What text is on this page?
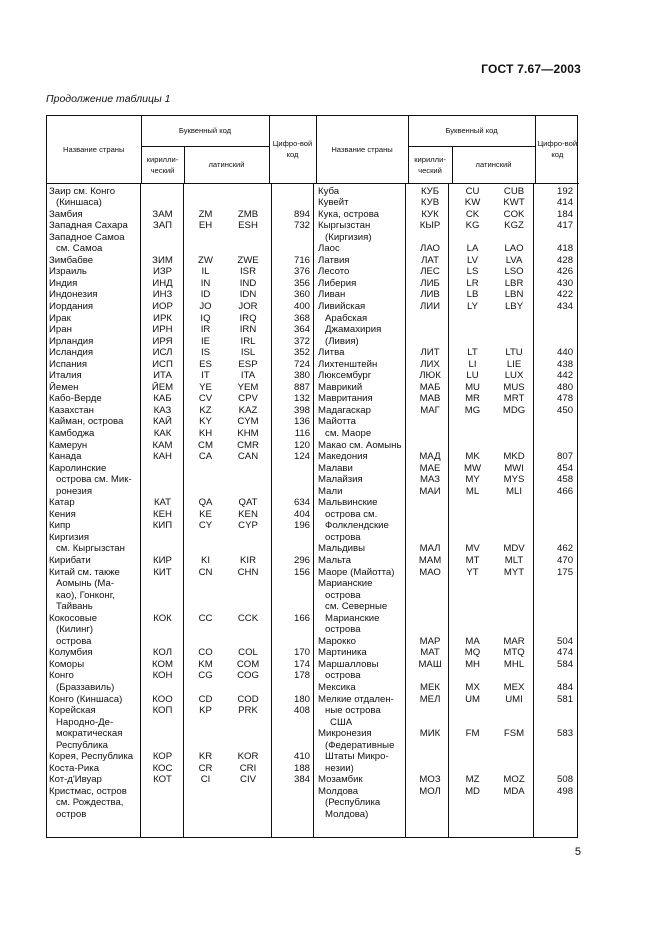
ГОСТ 7.67—2003
Продолжение таблицы 1
Название страны	Буквенный код			Цифро-вой код	Название страны	Буквенный код			Цифро-вой код
	кирилли-ческий	латинский				кирилли-ческий	латинский		
Заир см. Конго					Куба	КУБ	CU	CUB	192
(Киншаса)					Кувейт	КУВ	KW	KWT	414
Замбия	ЗАМ	ZM	ZMB	894	Кука, острова	КУК	CK	COK	184
Западная Сахара	ЗАП	EH	ESH	732	Кыргызстан	КЫР	KG	KGZ	417
Западное Самоа					(Киргизия)				
см. Самоа					Лаос	ЛАО	LA	LAO	418
Зимбабве	ЗИМ	ZW	ZWE	716	Латвия	ЛАТ	LV	LVA	428
Израиль	ИЗР	IL	ISR	376	Лесото	ЛЕС	LS	LSO	426
Индия	ИНД	IN	IND	356	Либерия	ЛИБ	LR	LBR	430
Индонезия	ИНЗ	ID	IDN	360	Ливан	ЛИВ	LB	LBN	422
Иордания	ИОР	JO	JOR	400	Ливийская	ЛИИ	LY	LBY	434
Ирак	ИРК	IQ	IRQ	368	Арабская				
Иран	ИРН	IR	IRN	364	Джамахирия				
Ирландия	ИРЯ	IE	IRL	372	(Ливия)				
Исландия	ИСЛ	IS	ISL	352	Литва	ЛИТ	LT	LTU	440
Испания	ИСП	ES	ESP	724	Лихтенштейн	ЛИХ	LI	LIE	438
Италия	ИТА	IT	ITA	380	Люксембург	ЛЮК	LU	LUX	442
Йемен	ЙЕМ	YE	YEM	887	Маврикий	МАБ	MU	MUS	480
Кабо-Верде	КАБ	CV	CPV	132	Мавритания	МАВ	MR	MRT	478
Казахстан	КАЗ	KZ	KAZ	398	Мадагаскар	МАГ	MG	MDG	450
Кайман, острова	КАЙ	KY	CYM	136	Майотта				
Камбоджа	КАК	KH	KHM	116	см. Маоре				
Камерун	КАМ	CM	CMR	120	Макао см. Аомынь				
Канада	КАН	CA	CAN	124	Македония	МАД	MK	MKD	807
Каролинские					Малави	МАЕ	MW	MWI	454
острова см. Мик-					Малайзия	МАЗ	MY	MYS	458
ронезия					Мали	МАИ	ML	MLI	466
Катар	КАТ	QA	QAT	634	Мальвинские				
Кения	КЕН	KE	KEN	404	острова см.				
Кипр	КИП	CY	CYP	196	Фолклендские				
Киргизия					острова				
см. Кыргызстан					Мальдивы	МАЛ	MV	MDV	462
Кирибати	КИР	KI	KIR	296	Мальта	МАМ	MT	MLT	470
Китай см. также	КИТ	CN	CHN	156	Маоре (Майотта)	МАО	YT	MYT	175
Аомынь (Ма-					Марианские				
као), Гонконг,					острова				
Тайвань					см. Северные				
Кокосовые	КОК	CC	CCK	166	Марианские				
(Килинг)					острова				
острова					Марокко	МАР	MA	MAR	504
Колумбия	КОЛ	CO	COL	170	Мартиника	МАТ	MQ	MTQ	474
Коморы	КОМ	KM	COM	174	Маршалловы	МАШ	MH	MHL	584
Конго	КОН	CG	COG	178	острова				
(Браззавиль)					Мексика	МЕК	MX	MEX	484
Конго (Киншаса)	КОО	CD	COD	180	Мелкие отдален-	МЕЛ	UM	UMI	581
Корейская	КОП	KP	PRK	408	ные острова				
Народно-Де-					США				
мократическая					Микронезия	МИК	FM	FSM	583
Республика					(Федеративные				
Корея, Республика	КОР	KR	KOR	410	Штаты Микро-				
Коста-Рика	КОС	CR	CRI	188	незии)				
Кот-д'Ивуар	КОТ	CI	CIV	384	Мозамбик	МОЗ	MZ	MOZ	508
Кристмас, остров					Молдова	МОЛ	MD	MDA	498
см. Рождества,					(Республика				
остров					Молдова)				
5
